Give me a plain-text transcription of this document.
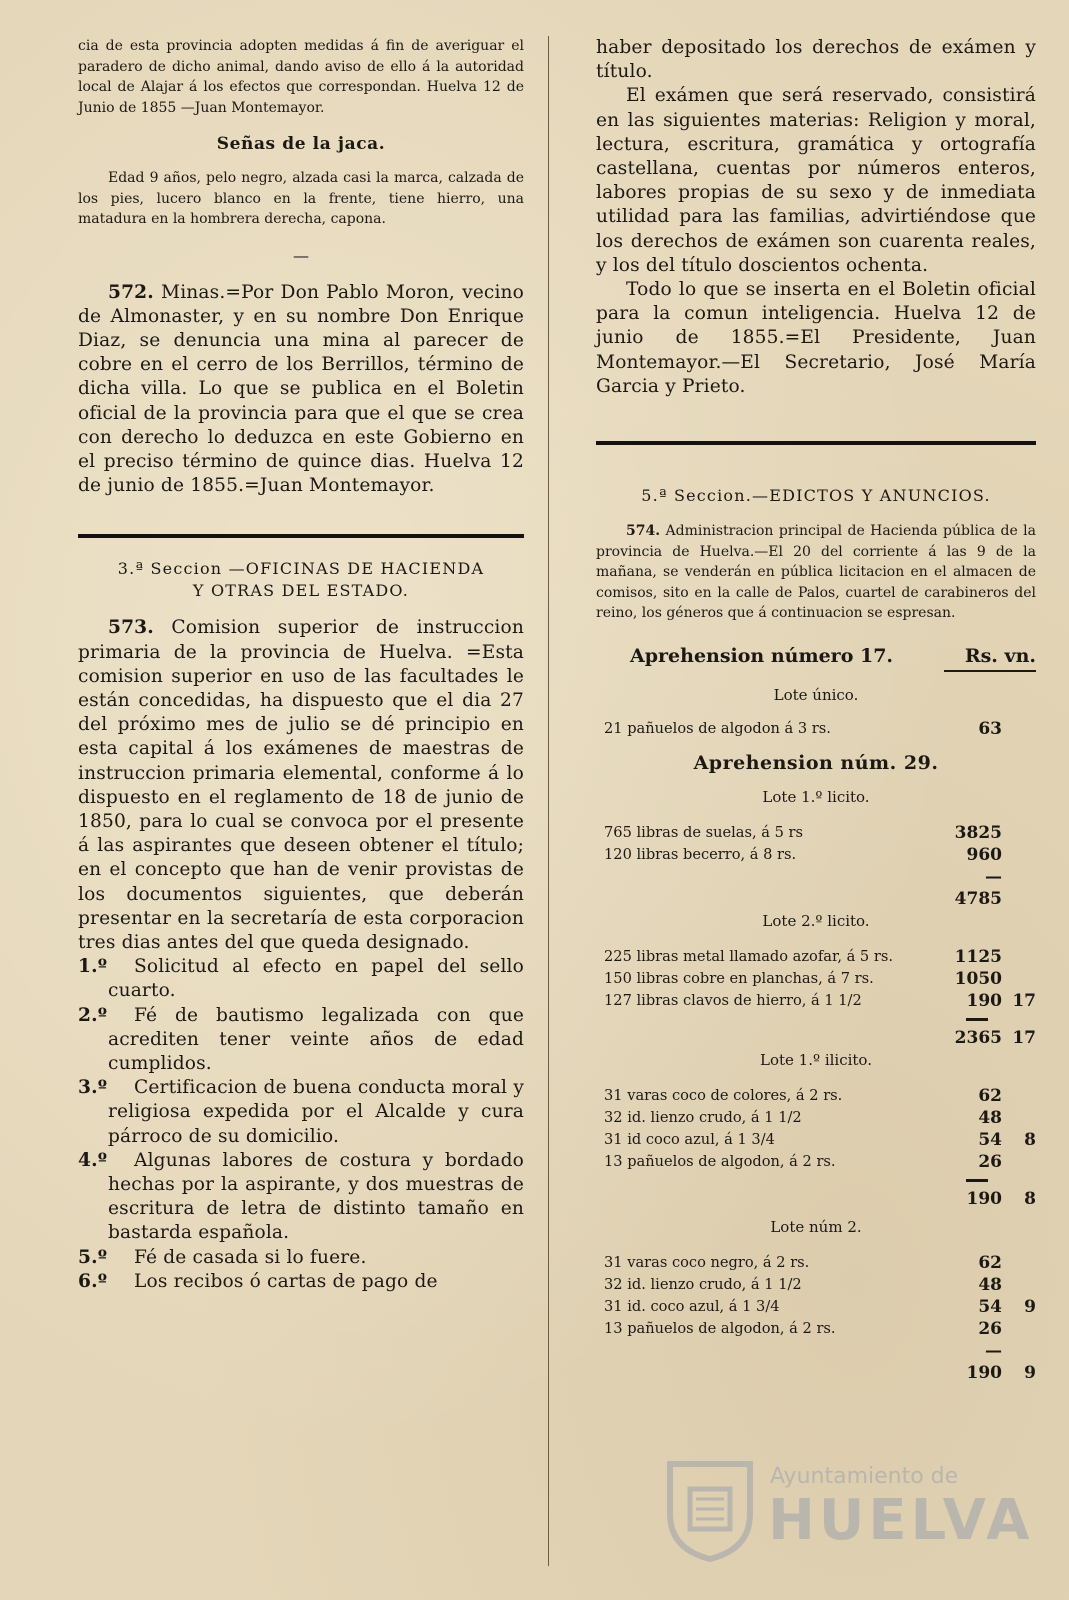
cia de esta provincia adopten medidas á fin de averiguar el paradero de dicho animal, dando aviso de ello á la autoridad local de Alajar á los efectos que correspondan. Huelva 12 de Junio de 1855 —Juan Montemayor.

Señas de la jaca.

Edad 9 años, pelo negro, alzada casi la marca, calzada de los pies, lucero blanco en la frente, tiene hierro, una matadura en la hombrera derecha, capona.

—

572. Minas.=Por Don Pablo Moron, vecino de Almonaster, y en su nombre Don Enrique Diaz, se denuncia una mina al parecer de cobre en el cerro de los Berrillos, término de dicha villa. Lo que se publica en el Boletin oficial de la provincia para que el que se crea con derecho lo deduzca en este Gobierno en el preciso término de quince dias. Huelva 12 de junio de 1855.=Juan Montemayor.

3.ª Seccion —OFICINAS DE HACIENDA
Y OTRAS DEL ESTADO.

573. Comision superior de instruccion primaria de la provincia de Huelva. =Esta comision superior en uso de las facultades le están concedidas, ha dispuesto que el dia 27 del próximo mes de julio se dé principio en esta capital á los exámenes de maestras de instruccion primaria elemental, conforme á lo dispuesto en el reglamento de 18 de junio de 1850, para lo cual se convoca por el presente á las aspirantes que deseen obtener el título; en el concepto que han de venir provistas de los documentos siguientes, que deberán presentar en la secretaría de esta corporacion tres dias antes del que queda designado.

1.º Solicitud al efecto en papel del sello cuarto.

2.º Fé de bautismo legalizada con que acrediten tener veinte años de edad cumplidos.

3.º Certificacion de buena conducta moral y religiosa expedida por el Alcalde y cura párroco de su domicilio.

4.º Algunas labores de costura y bordado hechas por la aspirante, y dos muestras de escritura de letra de distinto tamaño en bastarda española.

5.º Fé de casada si lo fuere.

6.º Los recibos ó cartas de pago de

haber depositado los derechos de exámen y título.

El exámen que será reservado, consistirá en las siguientes materias: Religion y moral, lectura, escritura, gramática y ortografía castellana, cuentas por números enteros, labores propias de su sexo y de inmediata utilidad para las familias, advirtiéndose que los derechos de exámen son cuarenta reales, y los del título doscientos ochenta.

Todo lo que se inserta en el Boletin oficial para la comun inteligencia. Huelva 12 de junio de 1855.=El Presidente, Juan Montemayor.—El Secretario, José María Garcia y Prieto.

5.ª Seccion.—EDICTOS Y ANUNCIOS.

574. Administracion principal de Hacienda pública de la provincia de Huelva.—El 20 del corriente á las 9 de la mañana, se venderán en pública licitacion en el almacen de comisos, sito en la calle de Palos, cuartel de carabineros del reino, los géneros que á continuacion se espresan.

Aprehension número 17.	Rs. vn.
Lote único.
21 pañuelos de algodon á 3 rs.	63
Aprehension núm. 29.
Lote 1.º licito.
765 libras de suelas, á 5 rs	3825
120 libras becerro, á 8 rs.	960
—
4785
Lote 2.º licito.
225 libras metal llamado azofar, á 5 rs.	1125
150 libras cobre en planchas, á 7 rs.	1050
127 libras clavos de hierro, á 1 1/2	190 17
2365 17
Lote 1.º ilicito.
31 varas coco de colores, á 2 rs.	62
32 id. lienzo crudo, á 1 1/2	48
31 id coco azul, á 1 3/4	54	8
13 pañuelos de algodon, á 2 rs.	26
190	8
Lote núm 2.
31 varas coco negro, á 2 rs.	62
32 id. lienzo crudo, á 1 1/2	48
31 id. coco azul, á 1 3/4	54	9
13 pañuelos de algodon, á 2 rs.	26
—
190	9
Ayuntamiento de
HUELVA
